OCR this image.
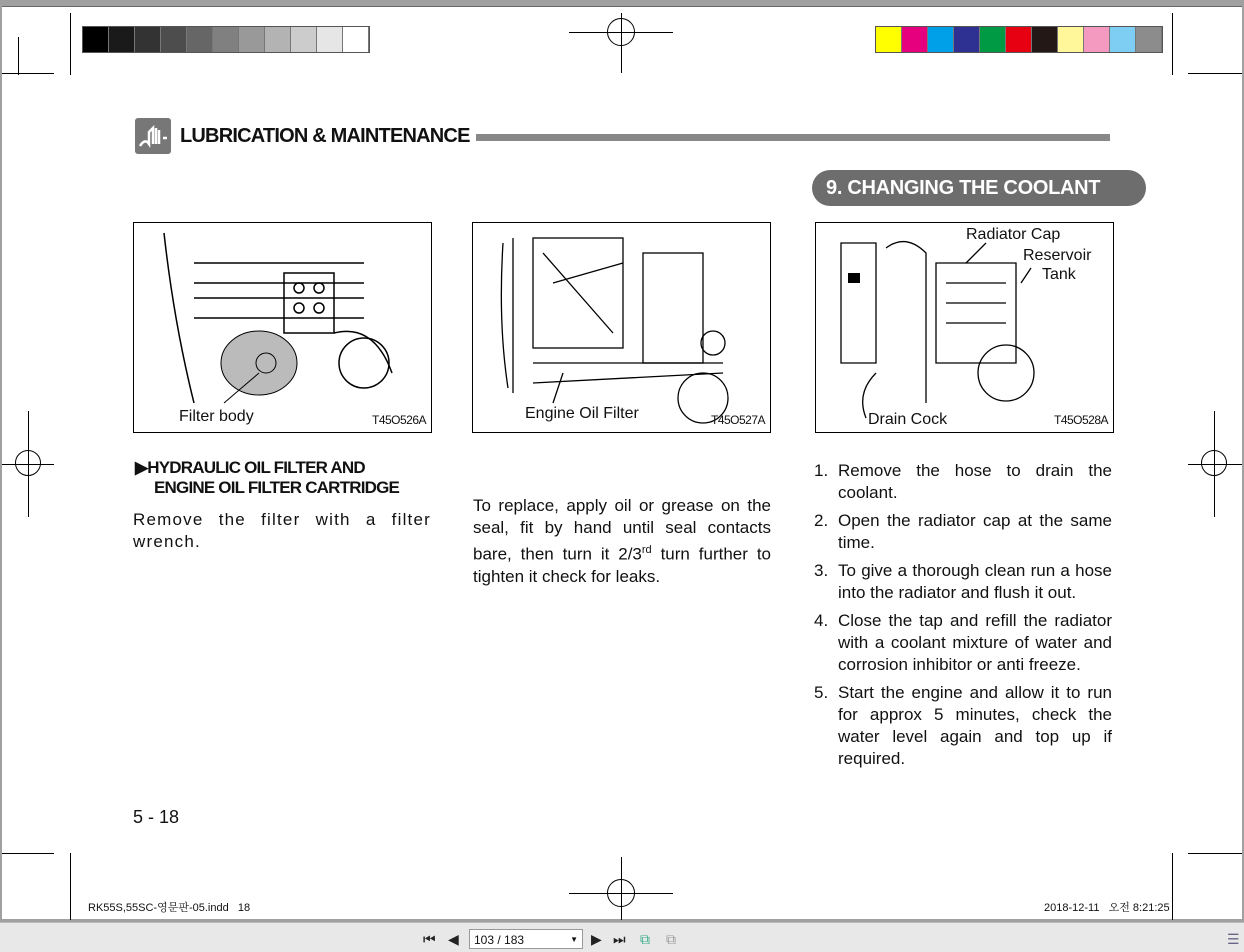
LUBRICATION & MAINTENANCE
9. CHANGING THE COOLANT
Filter body	T45O526A	Engine Oil Filter	T45O527A
Radiator Cap
Reservoir
Tank
Drain Cock	T45O528A
▶HYDRAULIC OIL FILTER AND
ENGINE OIL FILTER CARTRIDGE
Remove the filter with a filter wrench.
To replace, apply oil or grease on the seal, fit by hand until seal contacts bare, then turn it 2/3rd turn further to tighten it check for leaks.
1. Remove the hose to drain the coolant.
2. Open the radiator cap at the same time.
3. To give a thorough clean run a hose into the radiator and flush it out.
4. Close the tap and refill the radiator with a coolant mixture of water and corrosion inhibitor or anti freeze.
5. Start the engine and allow it to run for approx 5 minutes, check the water level again and top up if required.
5 - 18
RK55S,55SC-영문판-05.indd   18	2018-12-11   오전 8:21:25
⏮ ◀	103 / 183	▼ ▶ ⏭ ⧉ ⧉	☰
